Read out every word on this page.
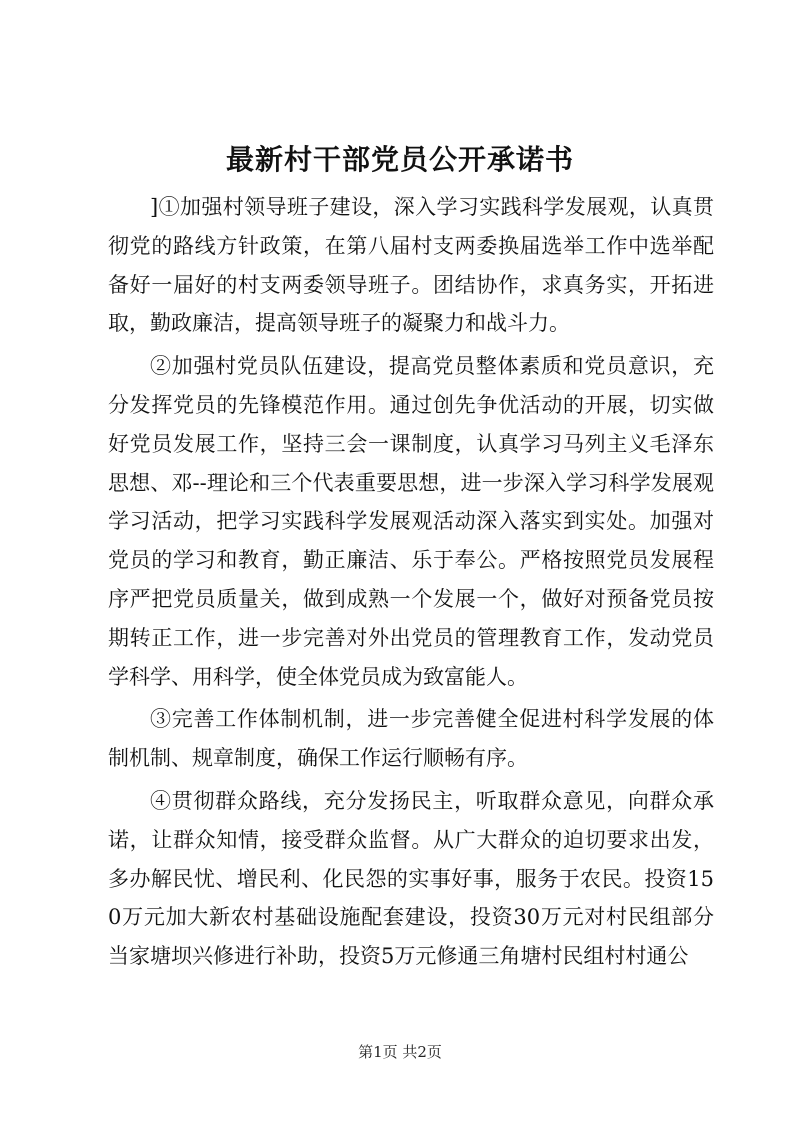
最新村干部党员公开承诺书

]①加强村领导班子建设，深入学习实践科学发展观，认真贯彻党的路线方针政策，在第八届村支两委换届选举工作中选举配备好一届好的村支两委领导班子。团结协作，求真务实，开拓进取，勤政廉洁，提高领导班子的凝聚力和战斗力。

②加强村党员队伍建设，提高党员整体素质和党员意识，充分发挥党员的先锋模范作用。通过创先争优活动的开展，切实做好党员发展工作，坚持三会一课制度，认真学习马列主义毛泽东思想、邓--理论和三个代表重要思想，进一步深入学习科学发展观学习活动，把学习实践科学发展观活动深入落实到实处。加强对党员的学习和教育，勤正廉洁、乐于奉公。严格按照党员发展程序严把党员质量关，做到成熟一个发展一个，做好对预备党员按期转正工作，进一步完善对外出党员的管理教育工作，发动党员学科学、用科学，使全体党员成为致富能人。

③完善工作体制机制，进一步完善健全促进村科学发展的体制机制、规章制度，确保工作运行顺畅有序。

④贯彻群众路线，充分发扬民主，听取群众意见，向群众承诺，让群众知情，接受群众监督。从广大群众的迫切要求出发，多办解民忧、增民利、化民怨的实事好事，服务于农民。投资150万元加大新农村基础设施配套建设，投资30万元对村民组部分当家塘坝兴修进行补助，投资5万元修通三角塘村民组村村通公

第1页 共2页
